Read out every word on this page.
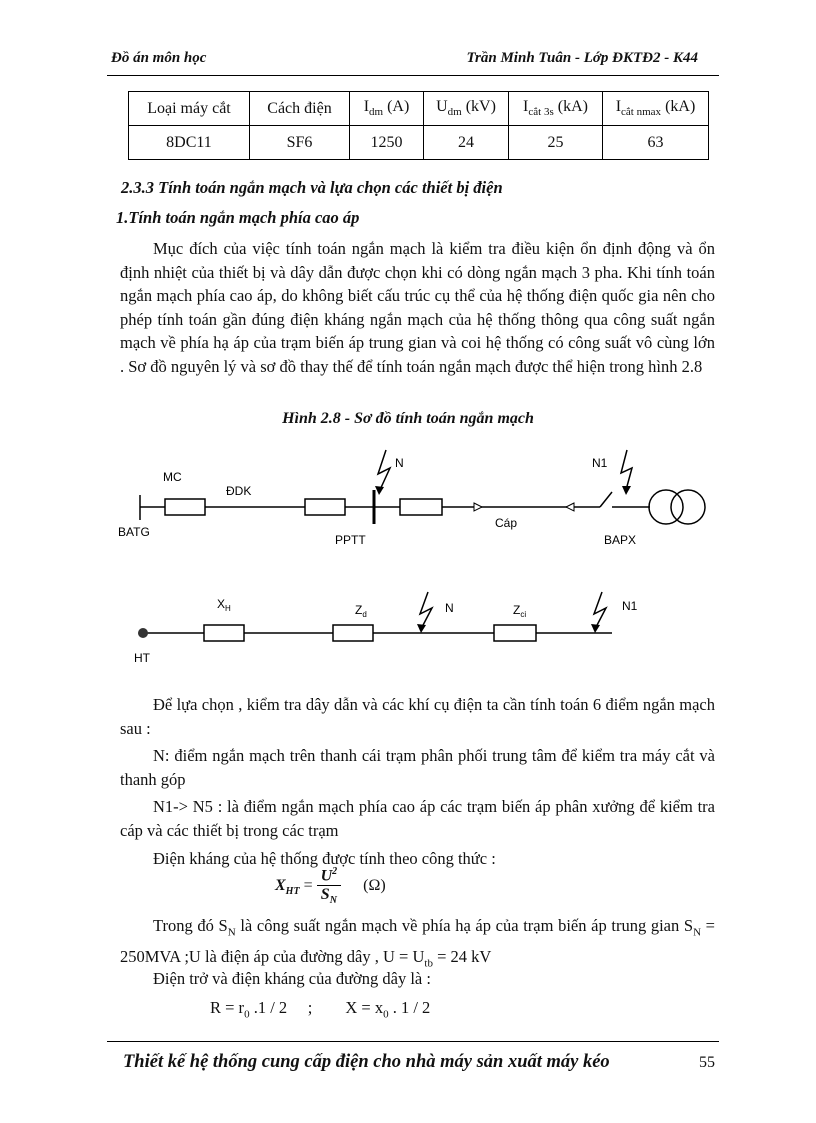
Đồ án môn học	Trần Minh Tuân - Lớp ĐKTĐ2 - K44
Loại máy cắt	Cách điện	$I_{dm}$ (A)	$U_{dm}$ (kV)	$I_{cắt 3s}$ (kA)	$I_{cắt nmax}$ (kA)
8DC11	SF6	1250	24	25	63
2.3.3 Tính toán ngắn mạch và lựa chọn các thiết bị điện
1.Tính toán ngắn mạch phía cao áp

Mục đích của việc tính toán ngắn mạch là kiểm tra điều kiện ổn định động và ổn định nhiệt của thiết bị và dây dẫn được chọn khi có dòng ngắn mạch 3 pha. Khi tính toán ngắn mạch phía cao áp, do không biết cấu trúc cụ thể của hệ thống điện quốc gia nên cho phép tính toán gần đúng điện kháng ngắn mạch của hệ thống thông qua công suất ngắn mạch về phía hạ áp của trạm biến áp trung gian và coi hệ thống có công suất vô cùng lớn . Sơ đồ nguyên lý và sơ đồ thay thế để tính toán ngắn mạch được thể hiện trong hình 2.8

Hình 2.8 - Sơ đồ tính toán ngắn mạch
MC
ĐDK
BATG
PPTT
N
Cáp
N1
BAPX
$X_H$	$Z_d$	N	$Z_{ci}$
N1
HT

Để lựa chọn , kiểm tra dây dẫn và các khí cụ điện ta cần tính toán 6 điểm ngắn mạch sau :

N: điểm ngắn mạch trên thanh cái trạm phân phối trung tâm để kiểm tra máy cắt và thanh góp

N1-> N5 : là điểm ngắn mạch phía cao áp các trạm biến áp phân xưởng để kiểm tra cáp và các thiết bị trong các trạm

Điện kháng của hệ thống được tính theo công thức :

$X_{HT} = \frac{U^2}{S_N} (\Omega)$

Trong đó $S_N$ là công suất ngắn mạch về phía hạ áp của trạm biến áp trung gian $S_N = 250MVA$ ;U là điện áp của đường dây , $U = U_{tb} = 24$ kV

Điện trở và điện kháng của đường dây là :

$R = r_0$ .1 / 2     ;        $X = x_0$ . 1 / 2

Thiết kế hệ thống cung cấp điện cho nhà máy sản xuất máy kéo	55
